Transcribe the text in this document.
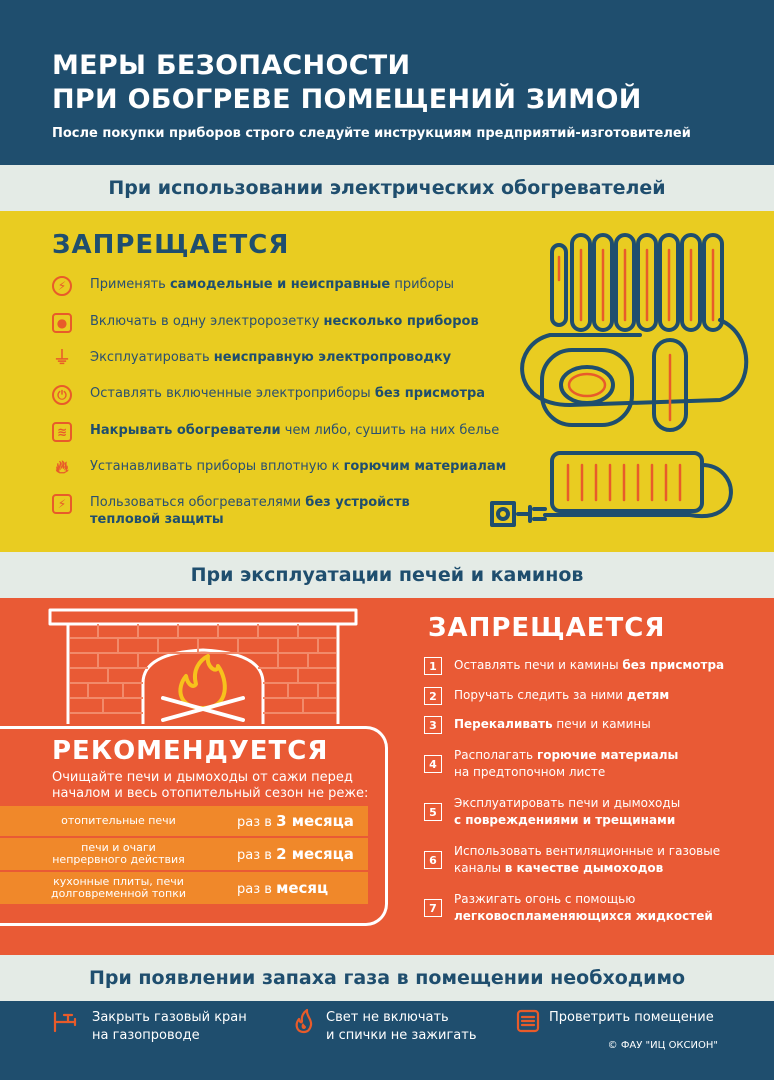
МЕРЫ БЕЗОПАСНОСТИ
ПРИ ОБОГРЕВЕ ПОМЕЩЕНИЙ ЗИМОЙ
После покупки приборов строго следуйте инструкциям предприятий-изготовителей
При использовании электрических обогревателей
ЗАПРЕЩАЕТСЯ
⚡	Применять самодельные и неисправные приборы
●	Включать в одну электророзетку несколько приборов
⏚ Эксплуатировать неисправную электропроводку
⏻	Оставлять включенные электроприборы без присмотра
≋	Накрывать обогреватели чем либо, сушить на них белье
🔥︎ Устанавливать приборы вплотную к горючим материалам
⚡	Пользоваться обогревателями без устройств
тепловой защиты
При эксплуатации печей и каминов
РЕКОМЕНДУЕТСЯ
Очищайте печи и дымоходы от сажи перед
началом и весь отопительный сезон не реже:
отопительные печи	раз в 3 месяца
печи и очаги
непрервного действия	раз в 2 месяца
кухонные плиты, печи
долговременной топки	раз в месяц
ЗАПРЕЩАЕТСЯ
1	Оставлять печи и камины без присмотра
2	Поручать следить за ними детям
3	Перекаливать печи и камины
4
Располагать горючие материалы
на предтопочном листе
5
Эксплуатировать печи и дымоходы
с повреждениями и трещинами
6
Использовать вентиляционные и газовые
каналы в качестве дымоходов
7
Разжигать огонь с помощью
легковоспламеняющихся жидкостей
При появлении запаха газа в помещении необходимо
Закрыть газовый кран
на газопроводе
Свет не включать
и спички не зажигать
Проветрить помещение
© ФАУ "ИЦ ОКСИОН"
